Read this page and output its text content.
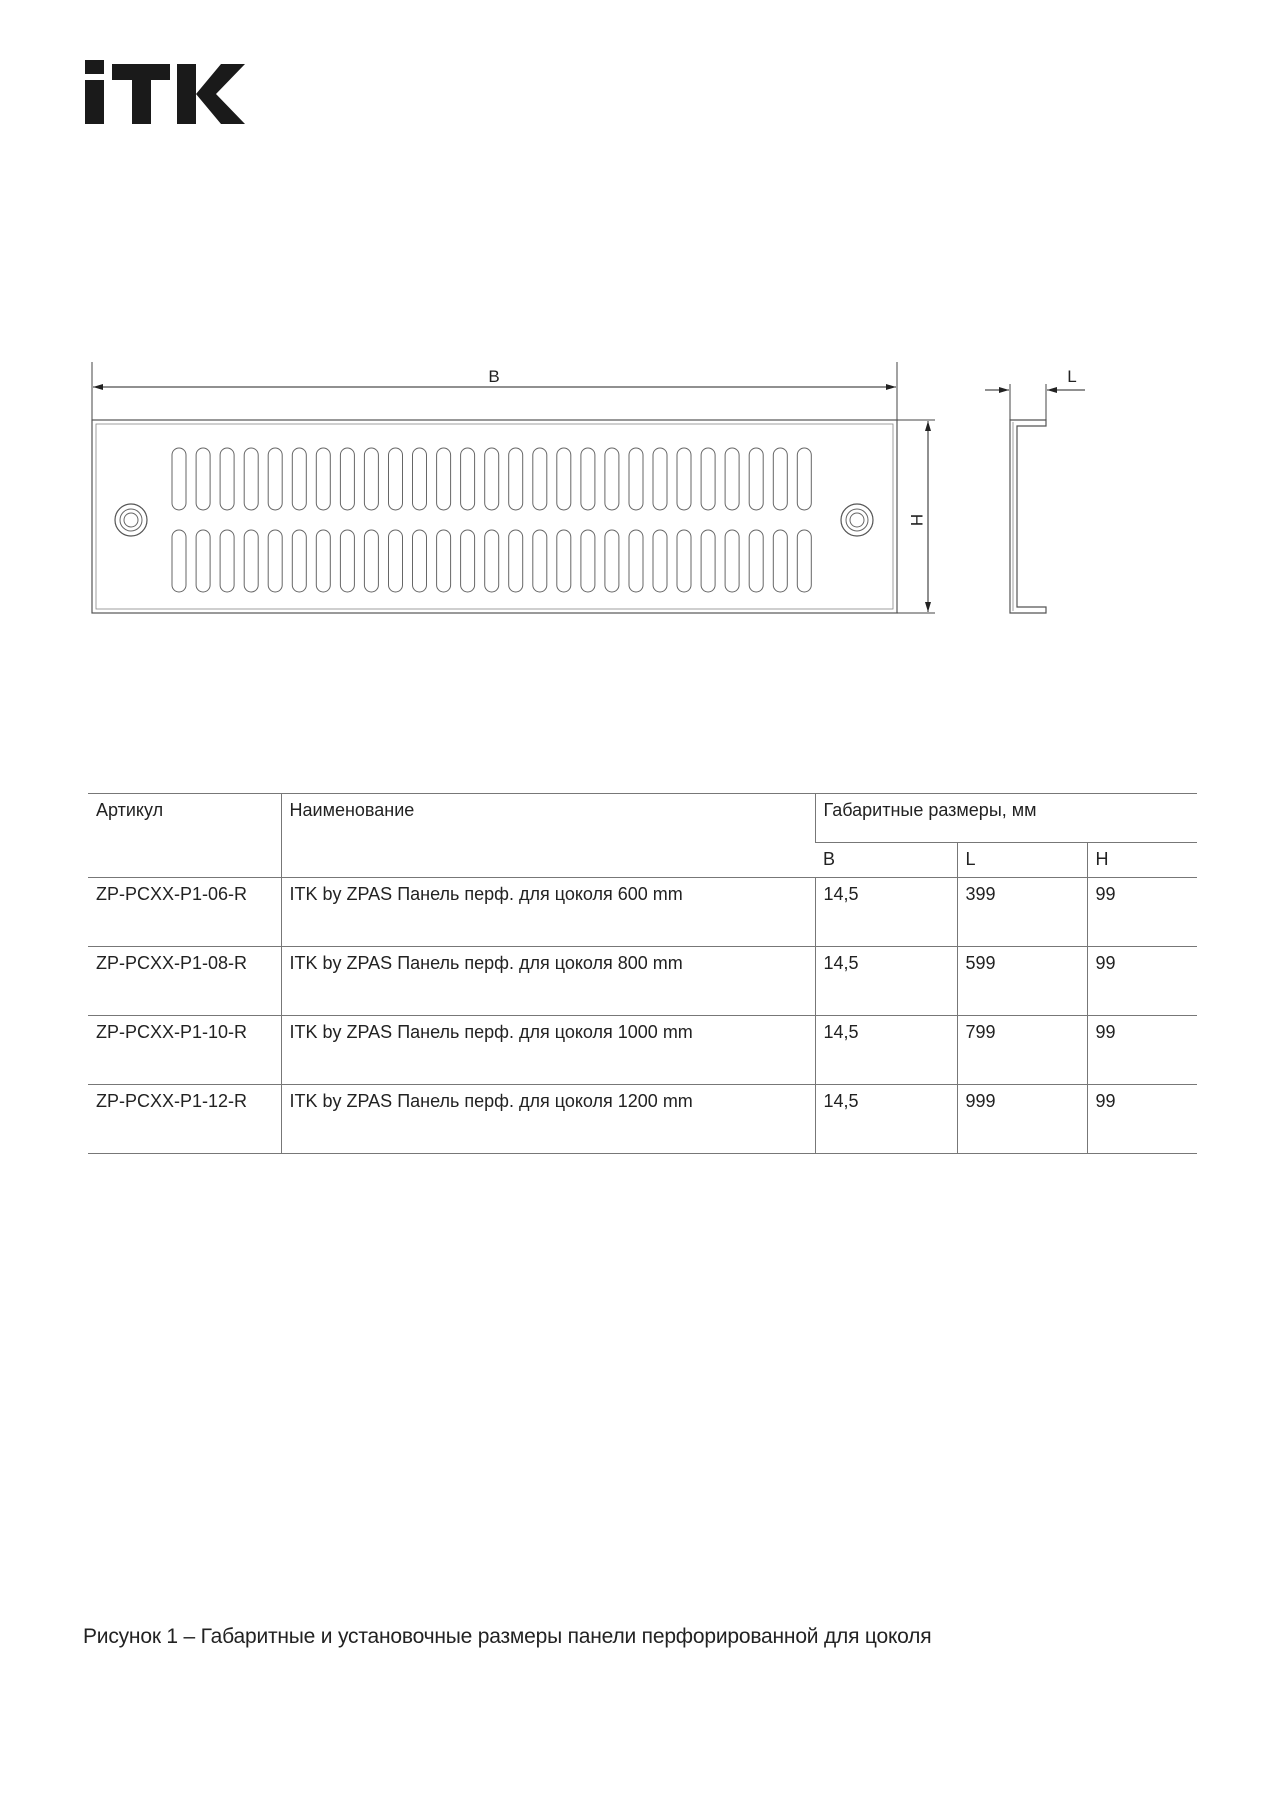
B
H
L
Артикул	Наименование	Габаритные размеры, мм		
		B	L	H
ZP-PCXX-P1-06-R	ITK by ZPAS Панель перф. для цоколя 600 mm	14,5	399	99
ZP-PCXX-P1-08-R	ITK by ZPAS Панель перф. для цоколя 800 mm	14,5	599	99
ZP-PCXX-P1-10-R	ITK by ZPAS Панель перф. для цоколя 1000 mm	14,5	799	99
ZP-PCXX-P1-12-R	ITK by ZPAS Панель перф. для цоколя 1200 mm	14,5	999	99
Рисунок 1 – Габаритные и установочные размеры панели перфорированной для цоколя
